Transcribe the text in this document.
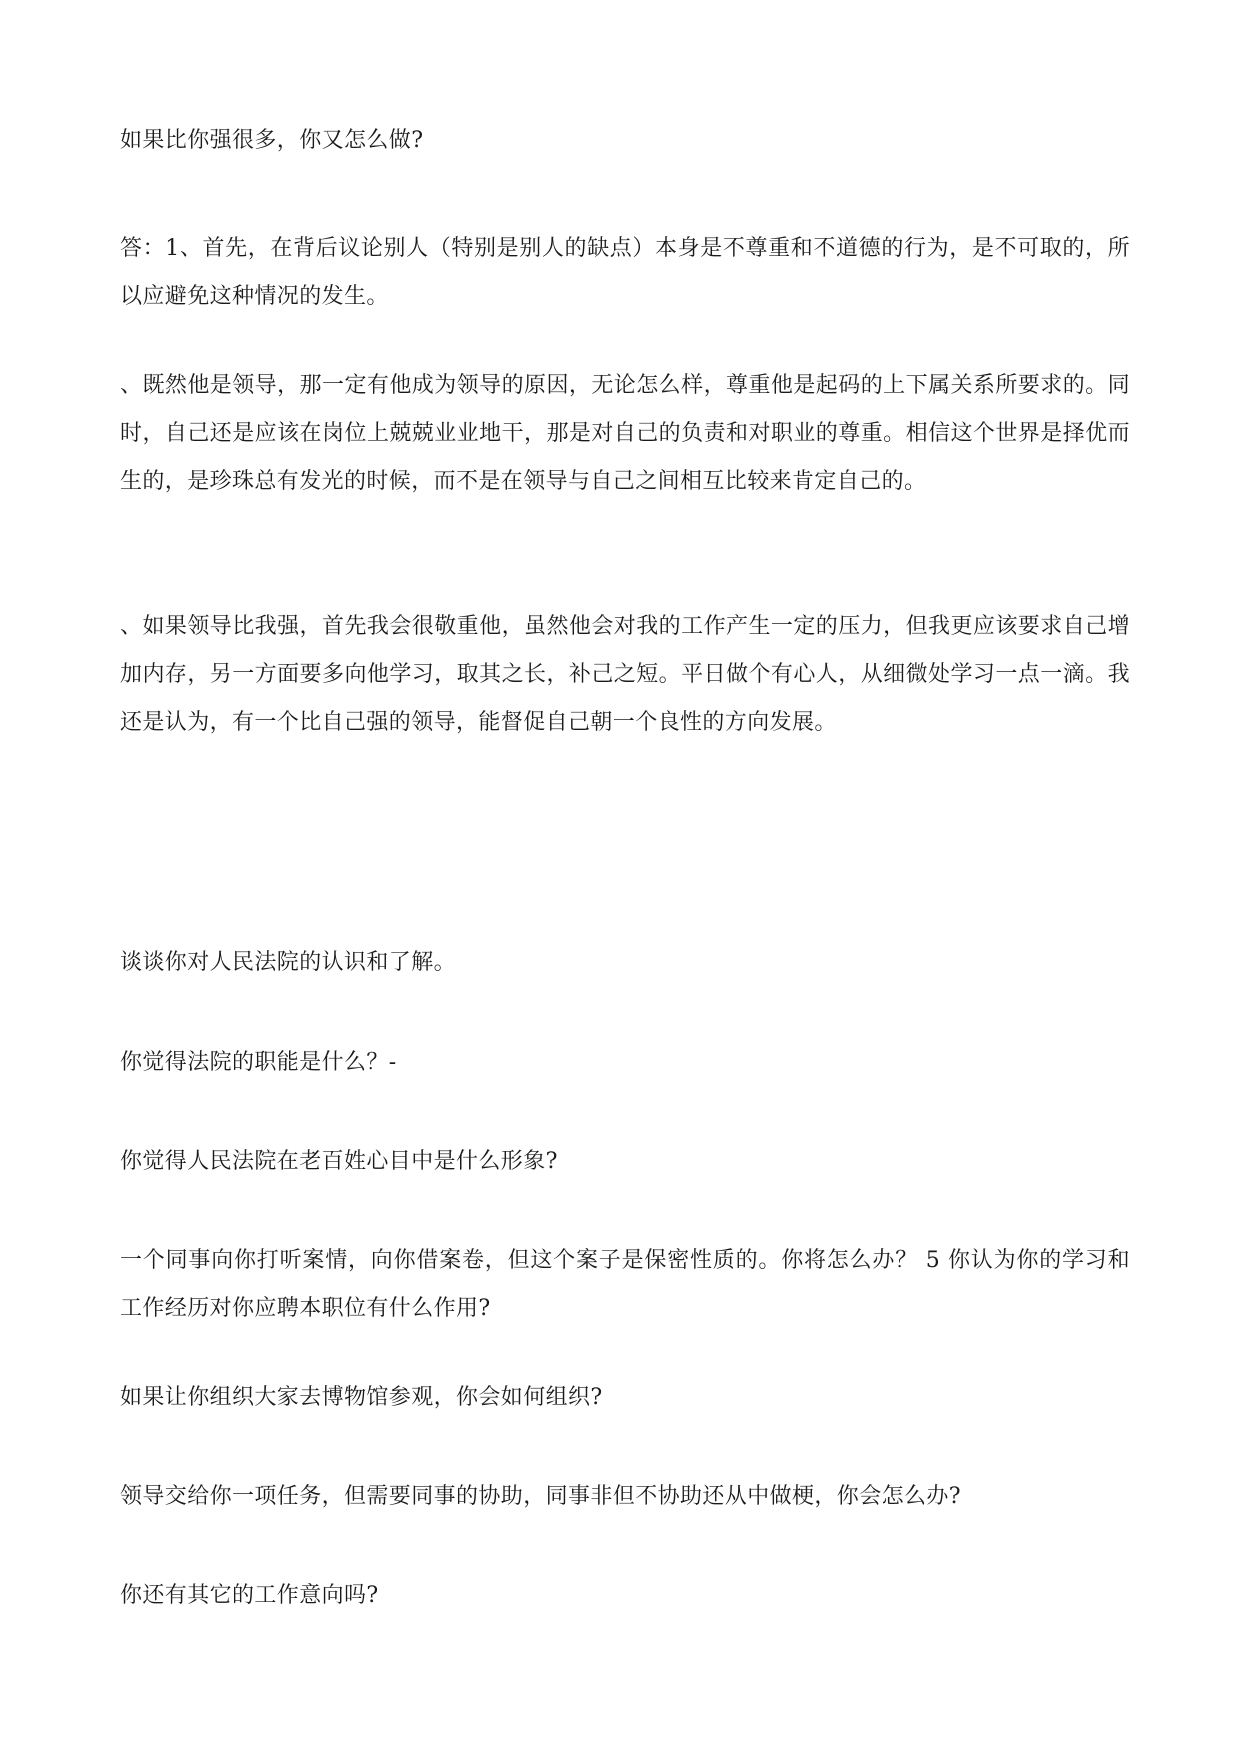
如果比你强很多，你又怎么做?

答：1、首先，在背后议论别人（特别是别人的缺点）本身是不尊重和不道德的行为，是不可取的，所以应避免这种情况的发生。

、既然他是领导，那一定有他成为领导的原因，无论怎么样，尊重他是起码的上下属关系所要求的。同时，自己还是应该在岗位上兢兢业业地干，那是对自己的负责和对职业的尊重。相信这个世界是择优而生的，是珍珠总有发光的时候，而不是在领导与自己之间相互比较来肯定自己的。

、如果领导比我强，首先我会很敬重他，虽然他会对我的工作产生一定的压力，但我更应该要求自己增加内存，另一方面要多向他学习，取其之长，补己之短。平日做个有心人，从细微处学习一点一滴。我还是认为，有一个比自己强的领导，能督促自己朝一个良性的方向发展。

谈谈你对人民法院的认识和了解。

你觉得法院的职能是什么？-

你觉得人民法院在老百姓心目中是什么形象?

一个同事向你打听案情，向你借案卷，但这个案子是保密性质的。你将怎么办？ 5 你认为你的学习和工作经历对你应聘本职位有什么作用?

如果让你组织大家去博物馆参观，你会如何组织?

领导交给你一项任务，但需要同事的协助，同事非但不协助还从中做梗，你会怎么办?

你还有其它的工作意向吗?
